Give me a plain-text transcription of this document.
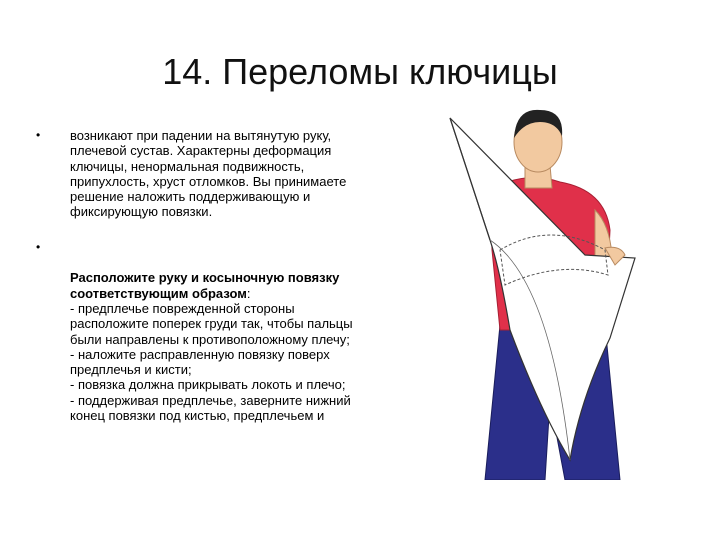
14. Переломы ключицы
•	возникают при падении на вытянутую руку, плечевой сустав. Характерны деформация ключицы, ненормальная подвижность, припухлость, хруст отломков. Вы принимаете решение наложить поддерживающую и фиксирующую повязки.

•

Расположите руку и косыночную повязку соответствующим образом:
- предплечье поврежденной стороны расположите поперек груди так, чтобы пальцы были направлены к противоположному плечу;
- наложите расправленную повязку поверх предплечья и кисти;
- повязка должна прикрывать локоть и плечо;
- поддерживая предплечье, заверните нижний конец повязки под кистью, предплечьем и
